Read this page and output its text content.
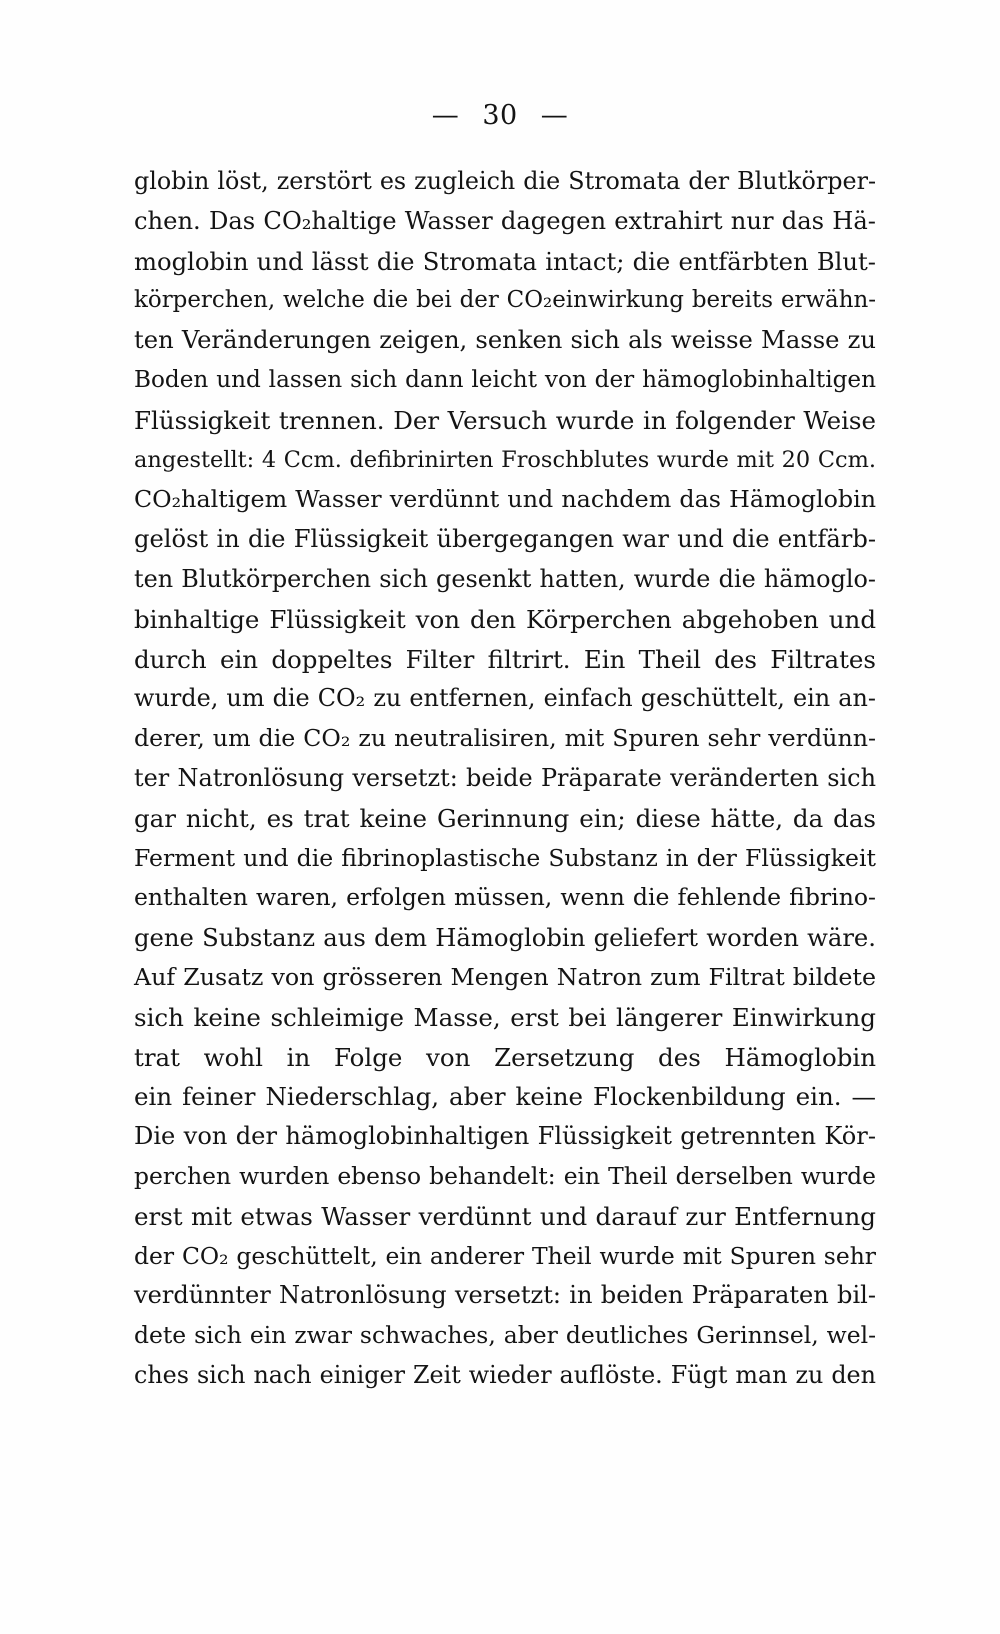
— 30 —
globin löst, zerstört es zugleich die Stromata der Blutkörper-
chen. Das CO₂haltige Wasser dagegen extrahirt nur das Hä-
moglobin und lässt die Stromata intact; die entfärbten Blut-
körperchen, welche die bei der CO₂einwirkung bereits erwähn-
ten Veränderungen zeigen, senken sich als weisse Masse zu
Boden und lassen sich dann leicht von der hämoglobinhaltigen
Flüssigkeit trennen. Der Versuch wurde in folgender Weise
angestellt: 4 Ccm. defibrinirten Froschblutes wurde mit 20 Ccm.
CO₂haltigem Wasser verdünnt und nachdem das Hämoglobin
gelöst in die Flüssigkeit übergegangen war und die entfärb-
ten Blutkörperchen sich gesenkt hatten, wurde die hämoglo-
binhaltige Flüssigkeit von den Körperchen abgehoben und
durch ein doppeltes Filter filtrirt. Ein Theil des Filtrates
wurde, um die CO₂ zu entfernen, einfach geschüttelt, ein an-
derer, um die CO₂ zu neutralisiren, mit Spuren sehr verdünn-
ter Natronlösung versetzt: beide Präparate veränderten sich
gar nicht, es trat keine Gerinnung ein; diese hätte, da das
Ferment und die fibrinoplastische Substanz in der Flüssigkeit
enthalten waren, erfolgen müssen, wenn die fehlende fibrino-
gene Substanz aus dem Hämoglobin geliefert worden wäre.
Auf Zusatz von grösseren Mengen Natron zum Filtrat bildete
sich keine schleimige Masse, erst bei längerer Einwirkung
trat wohl in Folge von Zersetzung des Hämoglobin
ein feiner Niederschlag, aber keine Flockenbildung ein. —
Die von der hämoglobinhaltigen Flüssigkeit getrennten Kör-
perchen wurden ebenso behandelt: ein Theil derselben wurde
erst mit etwas Wasser verdünnt und darauf zur Entfernung
der CO₂ geschüttelt, ein anderer Theil wurde mit Spuren sehr
verdünnter Natronlösung versetzt: in beiden Präparaten bil-
dete sich ein zwar schwaches, aber deutliches Gerinnsel, wel-
ches sich nach einiger Zeit wieder auflöste. Fügt man zu den
